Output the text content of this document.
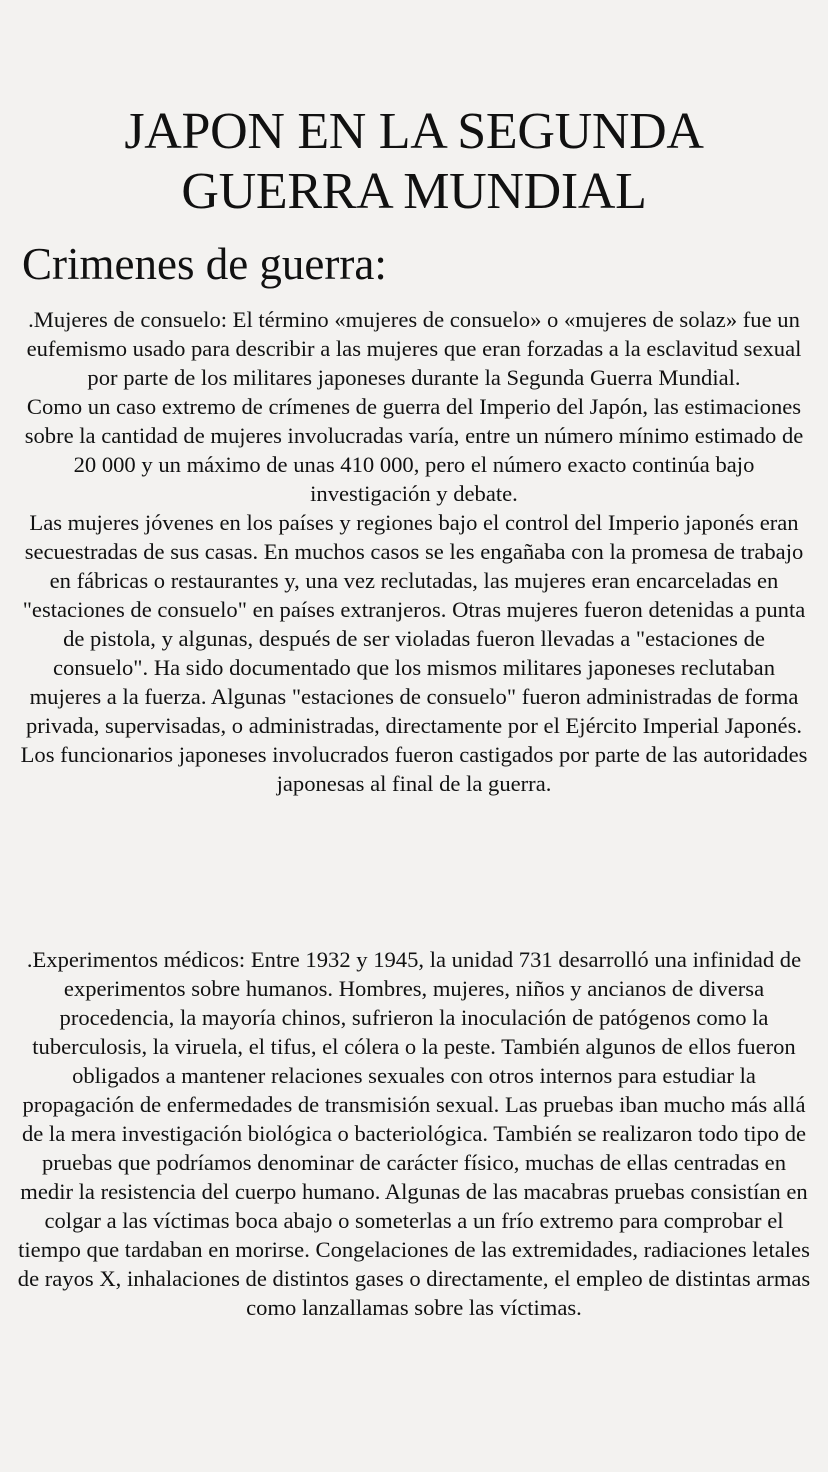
JAPON EN LA SEGUNDA GUERRA MUNDIAL
Crimenes de guerra:

.Mujeres de consuelo: El término «mujeres de consuelo» o «mujeres de solaz» fue un eufemismo usado para describir a las mujeres que eran forzadas a la esclavitud sexual por parte de los militares japoneses durante la Segunda Guerra Mundial.

Como un caso extremo de crímenes de guerra del Imperio del Japón, las estimaciones sobre la cantidad de mujeres involucradas varía, entre un número mínimo estimado de 20 000 y un máximo de unas 410 000, pero el número exacto continúa bajo investigación y debate.

Las mujeres jóvenes en los países y regiones bajo el control del Imperio japonés eran secuestradas de sus casas. En muchos casos se les engañaba con la promesa de trabajo en fábricas o restaurantes y, una vez reclutadas, las mujeres eran encarceladas en "estaciones de consuelo" en países extranjeros. Otras mujeres fueron detenidas a punta de pistola, y algunas, después de ser violadas fueron llevadas a "estaciones de consuelo". Ha sido documentado que los mismos militares japoneses reclutaban mujeres a la fuerza. Algunas "estaciones de consuelo" fueron administradas de forma privada, supervisadas, o administradas, directamente por el Ejército Imperial Japonés.

Los funcionarios japoneses involucrados fueron castigados por parte de las autoridades japonesas al final de la guerra.

.Experimentos médicos: Entre 1932 y 1945, la unidad 731 desarrolló una infinidad de experimentos sobre humanos. Hombres, mujeres, niños y ancianos de diversa procedencia, la mayoría chinos, sufrieron la inoculación de patógenos como la tuberculosis, la viruela, el tifus, el cólera o la peste. También algunos de ellos fueron obligados a mantener relaciones sexuales con otros internos para estudiar la propagación de enfermedades de transmisión sexual. Las pruebas iban mucho más allá de la mera investigación biológica o bacteriológica. También se realizaron todo tipo de pruebas que podríamos denominar de carácter físico, muchas de ellas centradas en medir la resistencia del cuerpo humano. Algunas de las macabras pruebas consistían en colgar a las víctimas boca abajo o someterlas a un frío extremo para comprobar el tiempo que tardaban en morirse. Congelaciones de las extremidades, radiaciones letales de rayos X, inhalaciones de distintos gases o directamente, el empleo de distintas armas como lanzallamas sobre las víctimas.
